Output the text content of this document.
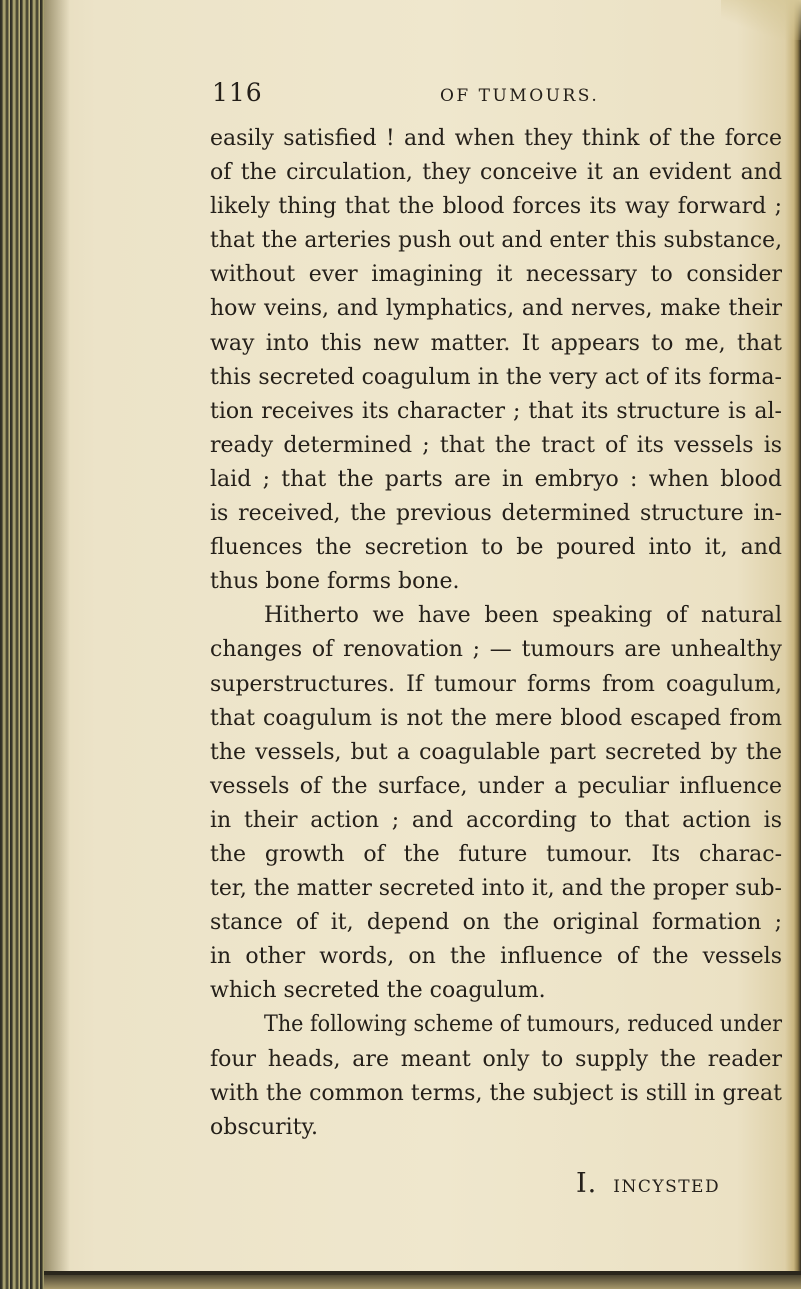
116	OF TUMOURS.
easily satisfied ! and when they think of the force
of the circulation, they conceive it an evident and
likely thing that the blood forces its way forward ;
that the arteries push out and enter this substance,
without ever imagining it necessary to consider
how veins, and lymphatics, and nerves, make their
way into this new matter. It appears to me, that
this secreted coagulum in the very act of its forma-
tion receives its character ; that its structure is al-
ready determined ; that the tract of its vessels is
laid ; that the parts are in embryo : when blood
is received, the previous determined structure in-
fluences the secretion to be poured into it, and
thus bone forms bone.
Hitherto we have been speaking of natural
changes of renovation ; — tumours are unhealthy
superstructures. If tumour forms from coagulum,
that coagulum is not the mere blood escaped from
the vessels, but a coagulable part secreted by the
vessels of the surface, under a peculiar influence
in their action ; and according to that action is
the growth of the future tumour. Its charac-
ter, the matter secreted into it, and the proper sub-
stance of it, depend on the original formation ;
in other words, on the influence of the vessels
which secreted the coagulum.
The following scheme of tumours, reduced under
four heads, are meant only to supply the reader
with the common terms, the subject is still in great
obscurity.
I. INCYSTED
